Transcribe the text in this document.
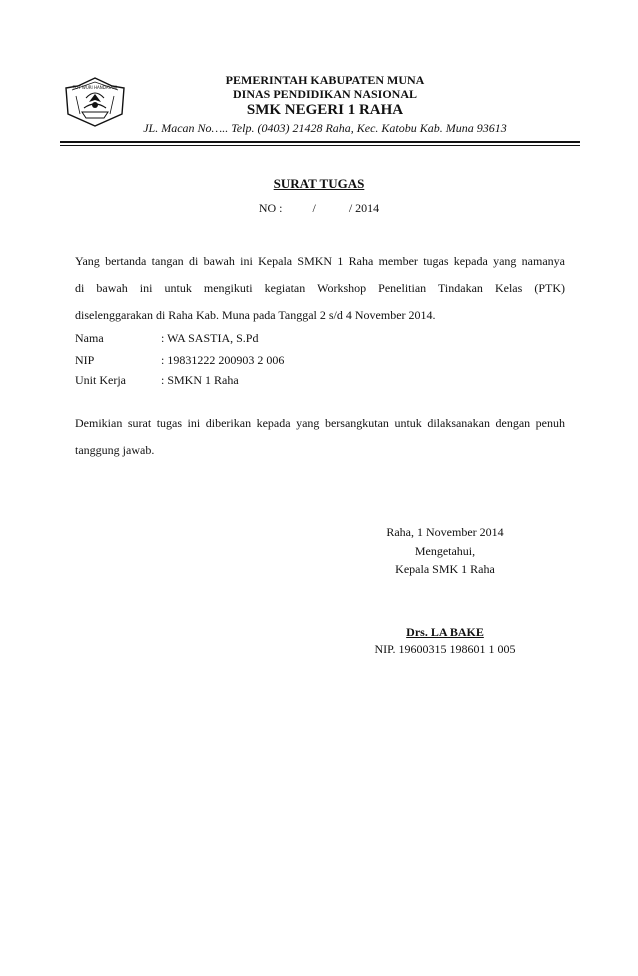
TUT WURI HANDAYANI
PEMERINTAH KABUPATEN MUNA
DINAS PENDIDIKAN NASIONAL
SMK NEGERI 1 RAHA
JL. Macan No….. Telp. (0403) 21428 Raha, Kec. Katobu Kab. Muna 93613
SURAT TUGAS
NO :          /           / 2014
Yang bertanda tangan di bawah ini Kepala SMKN 1 Raha member tugas kepada yang namanya
di bawah ini untuk mengikuti kegiatan Workshop Penelitian Tindakan Kelas (PTK)
diselenggarakan di Raha Kab. Muna pada Tanggal 2 s/d 4 November 2014.
Nama	: WA SASTIA, S.Pd
NIP	: 19831222 200903 2 006
Unit Kerja	: SMKN 1 Raha
Demikian surat tugas ini diberikan kepada yang bersangkutan untuk dilaksanakan dengan penuh
tanggung jawab.
Raha, 1 November 2014
Mengetahui,
Kepala SMK 1 Raha
Drs. LA BAKE
NIP. 19600315 198601 1 005
